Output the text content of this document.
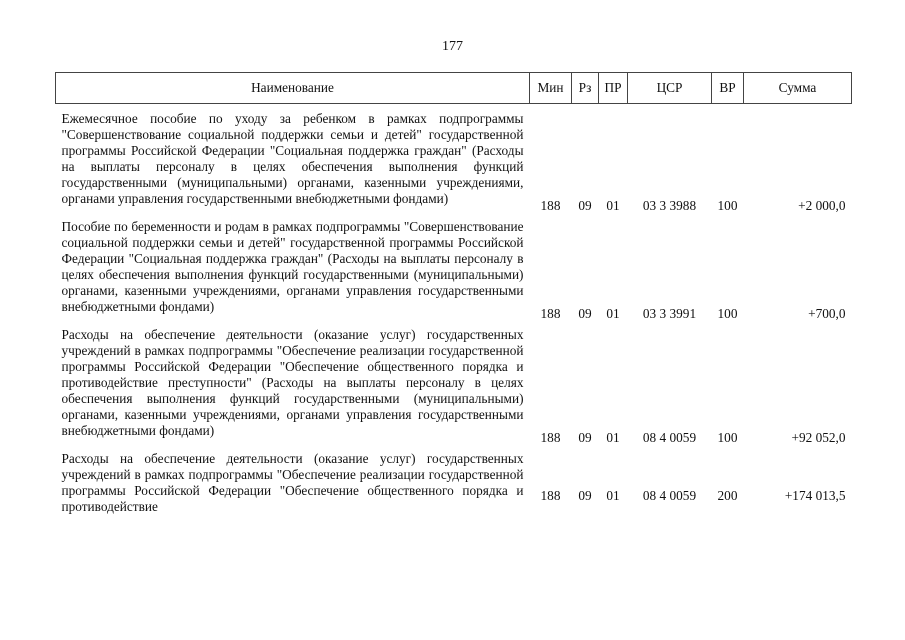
177
Наименование	Мин	Рз	ПР	ЦСР	ВР	Сумма
Ежемесячное пособие по уходу за ребенком в рамках подпрограммы "Совершенствование социальной поддержки семьи и детей" государственной программы Российской Федерации "Социальная поддержка граждан" (Расходы на выплаты персоналу в целях обеспечения выполнения функций государственными (муниципальными) органами, казенными учреждениями, органами управления государственными внебюджетными фондами)	188	09	01	03 3 3988	100	+2 000,0
Пособие по беременности и родам в рамках подпрограммы "Совершенствование социальной поддержки семьи и детей" государственной программы Российской Федерации "Социальная поддержка граждан" (Расходы на выплаты персоналу в целях обеспечения выполнения функций государственными (муниципальными) органами, казенными учреждениями, органами управления государственными внебюджетными фондами)	188	09	01	03 3 3991	100	+700,0
Расходы на обеспечение деятельности (оказание услуг) государственных учреждений в рамках подпрограммы "Обеспечение реализации государственной программы Российской Федерации "Обеспечение общественного порядка и противодействие преступности" (Расходы на выплаты персоналу в целях обеспечения выполнения функций государственными (муниципальными) органами, казенными учреждениями, органами управления государственными внебюджетными фондами)	188	09	01	08 4 0059	100	+92 052,0
Расходы на обеспечение деятельности (оказание услуг) государственных учреждений в рамках подпрограммы "Обеспечение реализации государственной программы Российской Федерации "Обеспечение общественного порядка и противодействие	188	09	01	08 4 0059	200	+174 013,5
